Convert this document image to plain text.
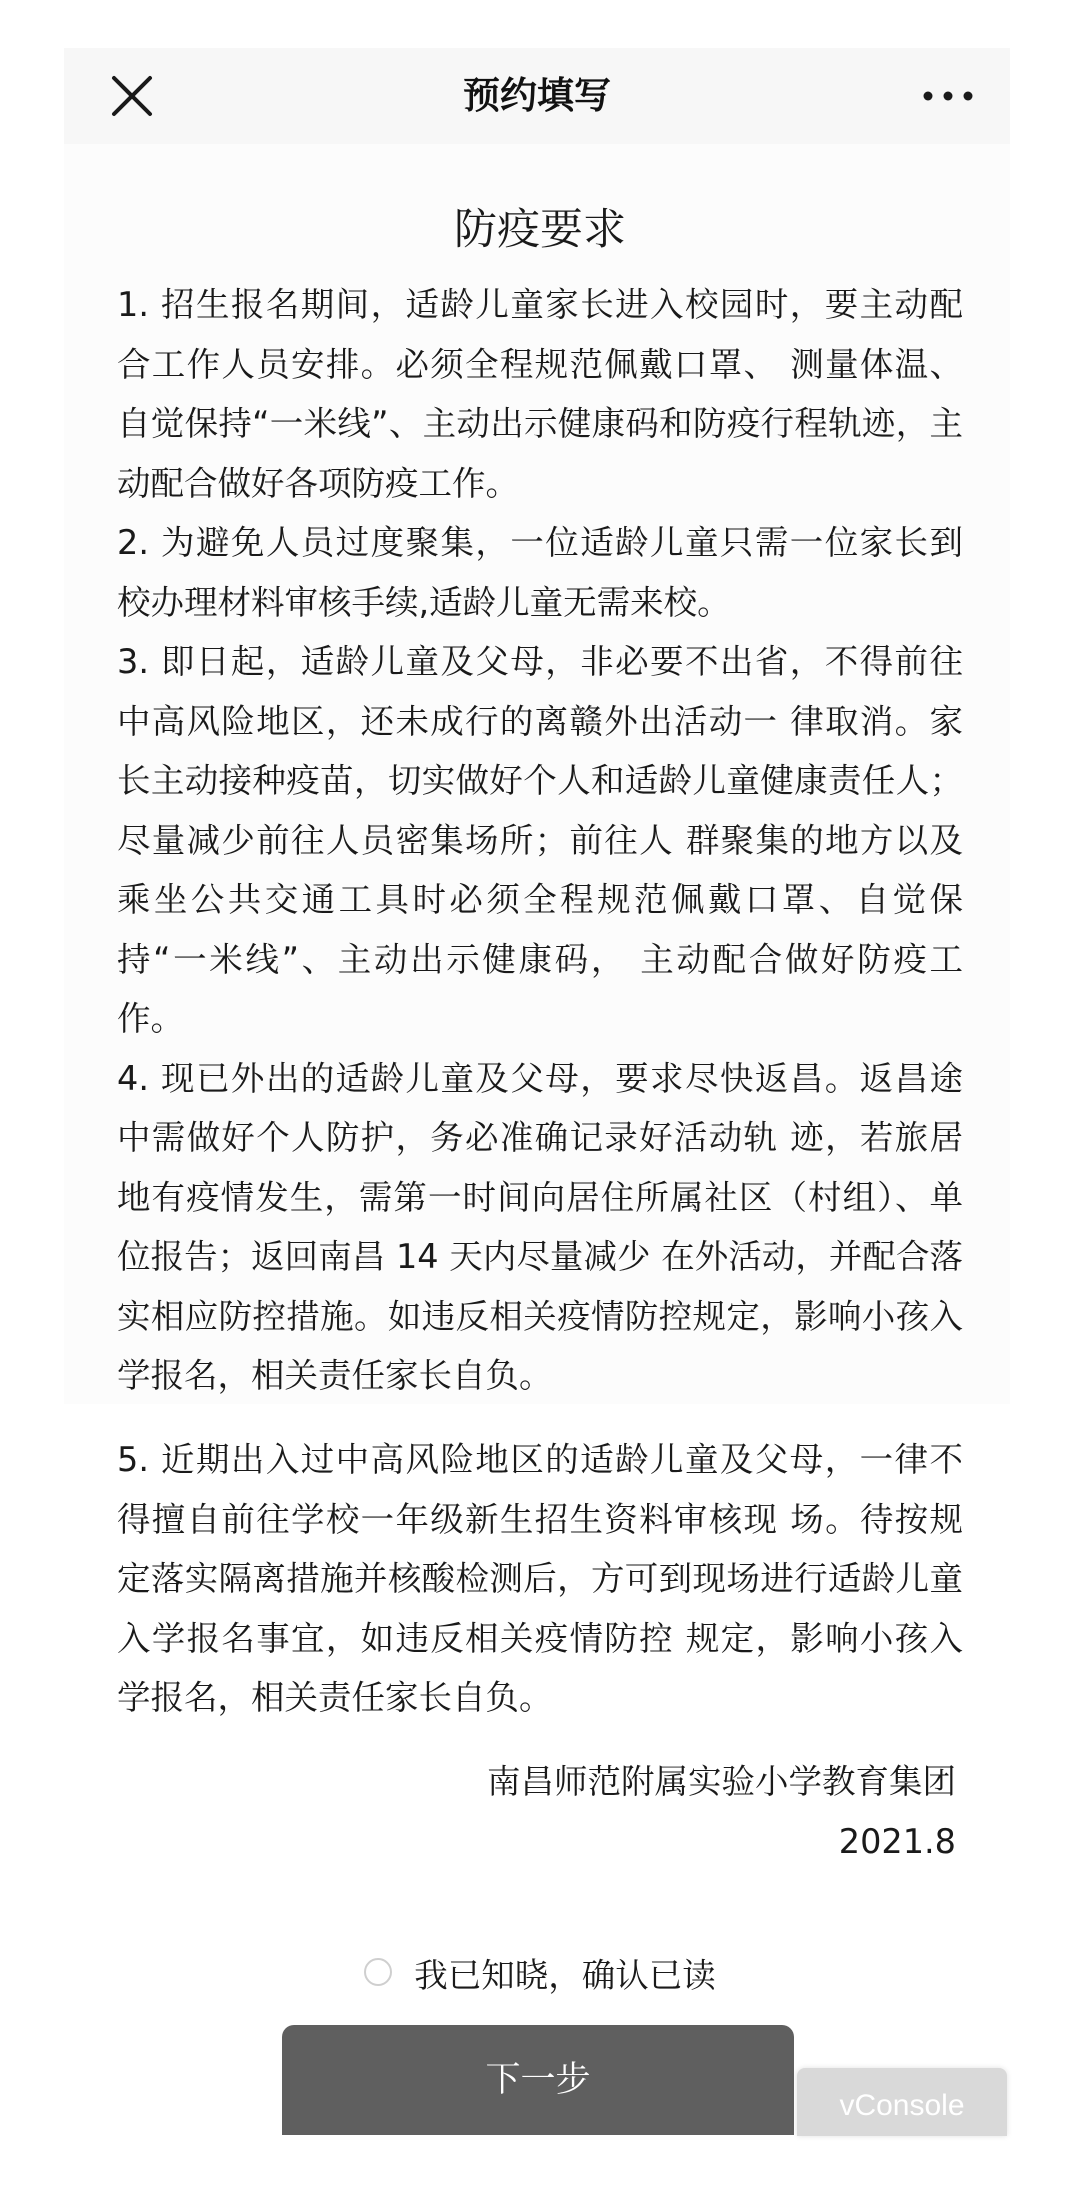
预约填写
防疫要求

1. 招生报名期间，适龄儿童家长进入校园时，要主动配合工作人员安排。必须全程规范佩戴口罩、 测量体温、自觉保持“一米线”、主动出示健康码和防疫行程轨迹，主动配合做好各项防疫工作。

2. 为避免人员过度聚集，一位适龄儿童只需一位家长到校办理材料审核手续,适龄儿童无需来校。

3. 即日起，适龄儿童及父母，非必要不出省，不得前往中高风险地区，还未成行的离赣外出活动一 律取消。家长主动接种疫苗，切实做好个人和适龄儿童健康责任人；尽量减少前往人员密集场所；前往人 群聚集的地方以及乘坐公共交通工具时必须全程规范佩戴口罩、自觉保持“一米线”、主动出示健康码， 主动配合做好防疫工作。

4. 现已外出的适龄儿童及父母，要求尽快返昌。返昌途中需做好个人防护，务必准确记录好活动轨 迹，若旅居地有疫情发生，需第一时间向居住所属社区（村组）、单位报告；返回南昌 14 天内尽量减少 在外活动，并配合落实相应防控措施。如违反相关疫情防控规定，影响小孩入学报名，相关责任家长自负。

5. 近期出入过中高风险地区的适龄儿童及父母，一律不得擅自前往学校一年级新生招生资料审核现 场。待按规定落实隔离措施并核酸检测后，方可到现场进行适龄儿童入学报名事宜，如违反相关疫情防控 规定，影响小孩入学报名，相关责任家长自负。

南昌师范附属实验小学教育集团
2021.8
我已知晓，确认已读
下一步
vConsole
